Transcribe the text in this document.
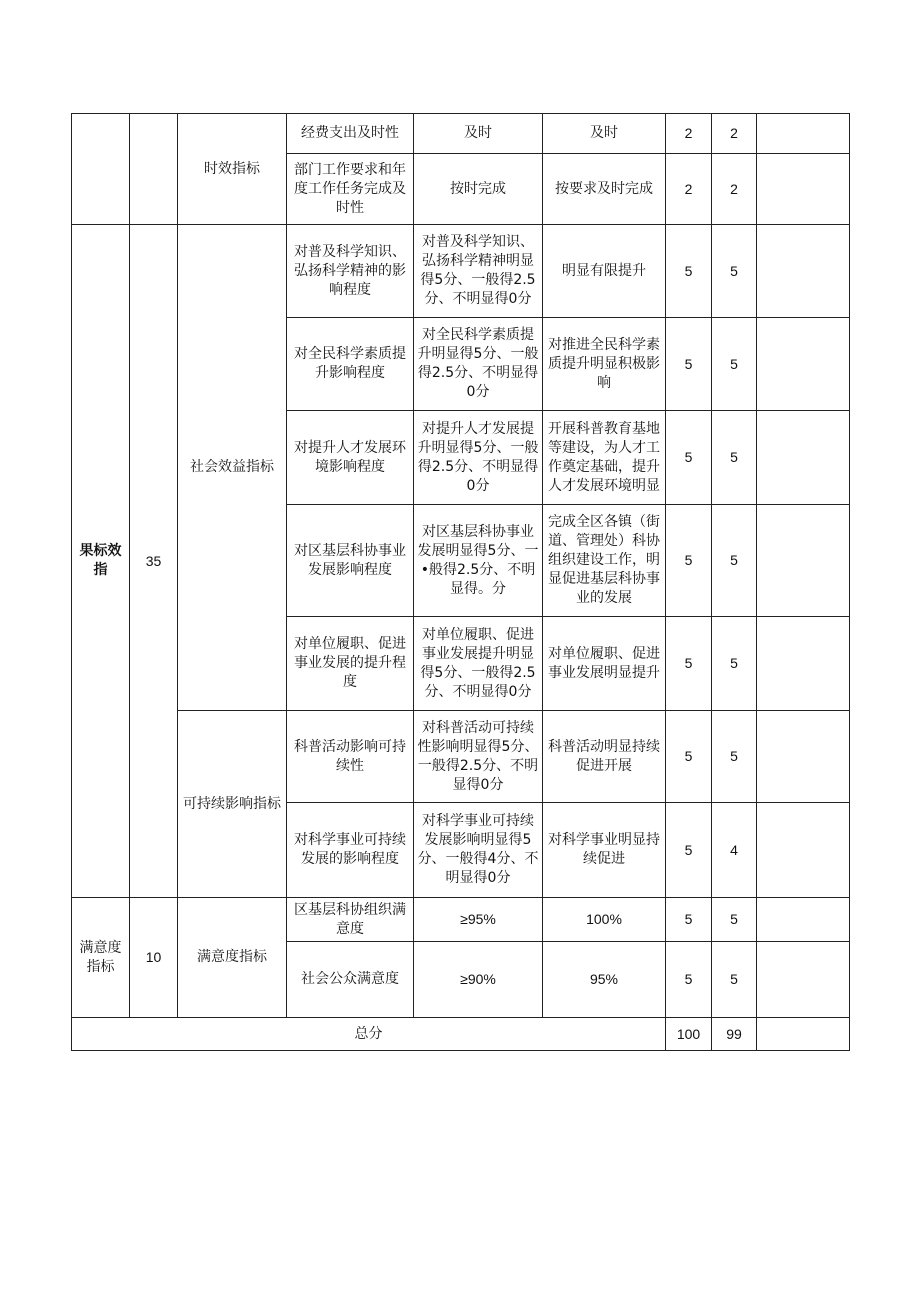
		时效指标	经费支出及时性	及时	及时	2	2	
			部门工作要求和年度工作任务完成及时性	按时完成	按要求及时完成	2	2	
果标效指	35	社会效益指标	对普及科学知识、弘扬科学精神的影响程度	对普及科学知识、弘扬科学精神明显得5分、一般得2.5分、不明显得0分	明显有限提升	5	5	
			对全民科学素质提升影响程度	对全民科学素质提升明显得5分、一般得2.5分、不明显得0分	对推进全民科学素质提升明显积极影响	5	5	
			对提升人才发展环境影响程度	对提升人才发展提升明显得5分、一般得2.5分、不明显得0分	开展科普教育基地等建设，为人才工作奠定基础，提升人才发展环境明显	5	5	
			对区基层科协事业发展影响程度	对区基层科协事业发展明显得5分、一•般得2.5分、不明显得。分	完成全区各镇（街道、管理处）科协组织建设工作，明显促进基层科协事业的发展	5	5	
			对单位履职、促进事业发展的提升程度	对单位履职、促进事业发展提升明显得5分、一般得2.5分、不明显得0分	对单位履职、促进事业发展明显提升	5	5	
		可持续影响指标	科普活动影响可持续性	对科普活动可持续性影响明显得5分、一般得2.5分、不明显得0分	科普活动明显持续促进开展	5	5	
			对科学事业可持续发展的影响程度	对科学事业可持续发展影响明显得5分、一般得4分、不明显得0分	对科学事业明显持续促进	5	4	
满意度指标	10	满意度指标	区基层科协组织满意度	≥95%	100%	5	5	
			社会公众满意度	≥90%	95%	5	5	
总分						100	99	
